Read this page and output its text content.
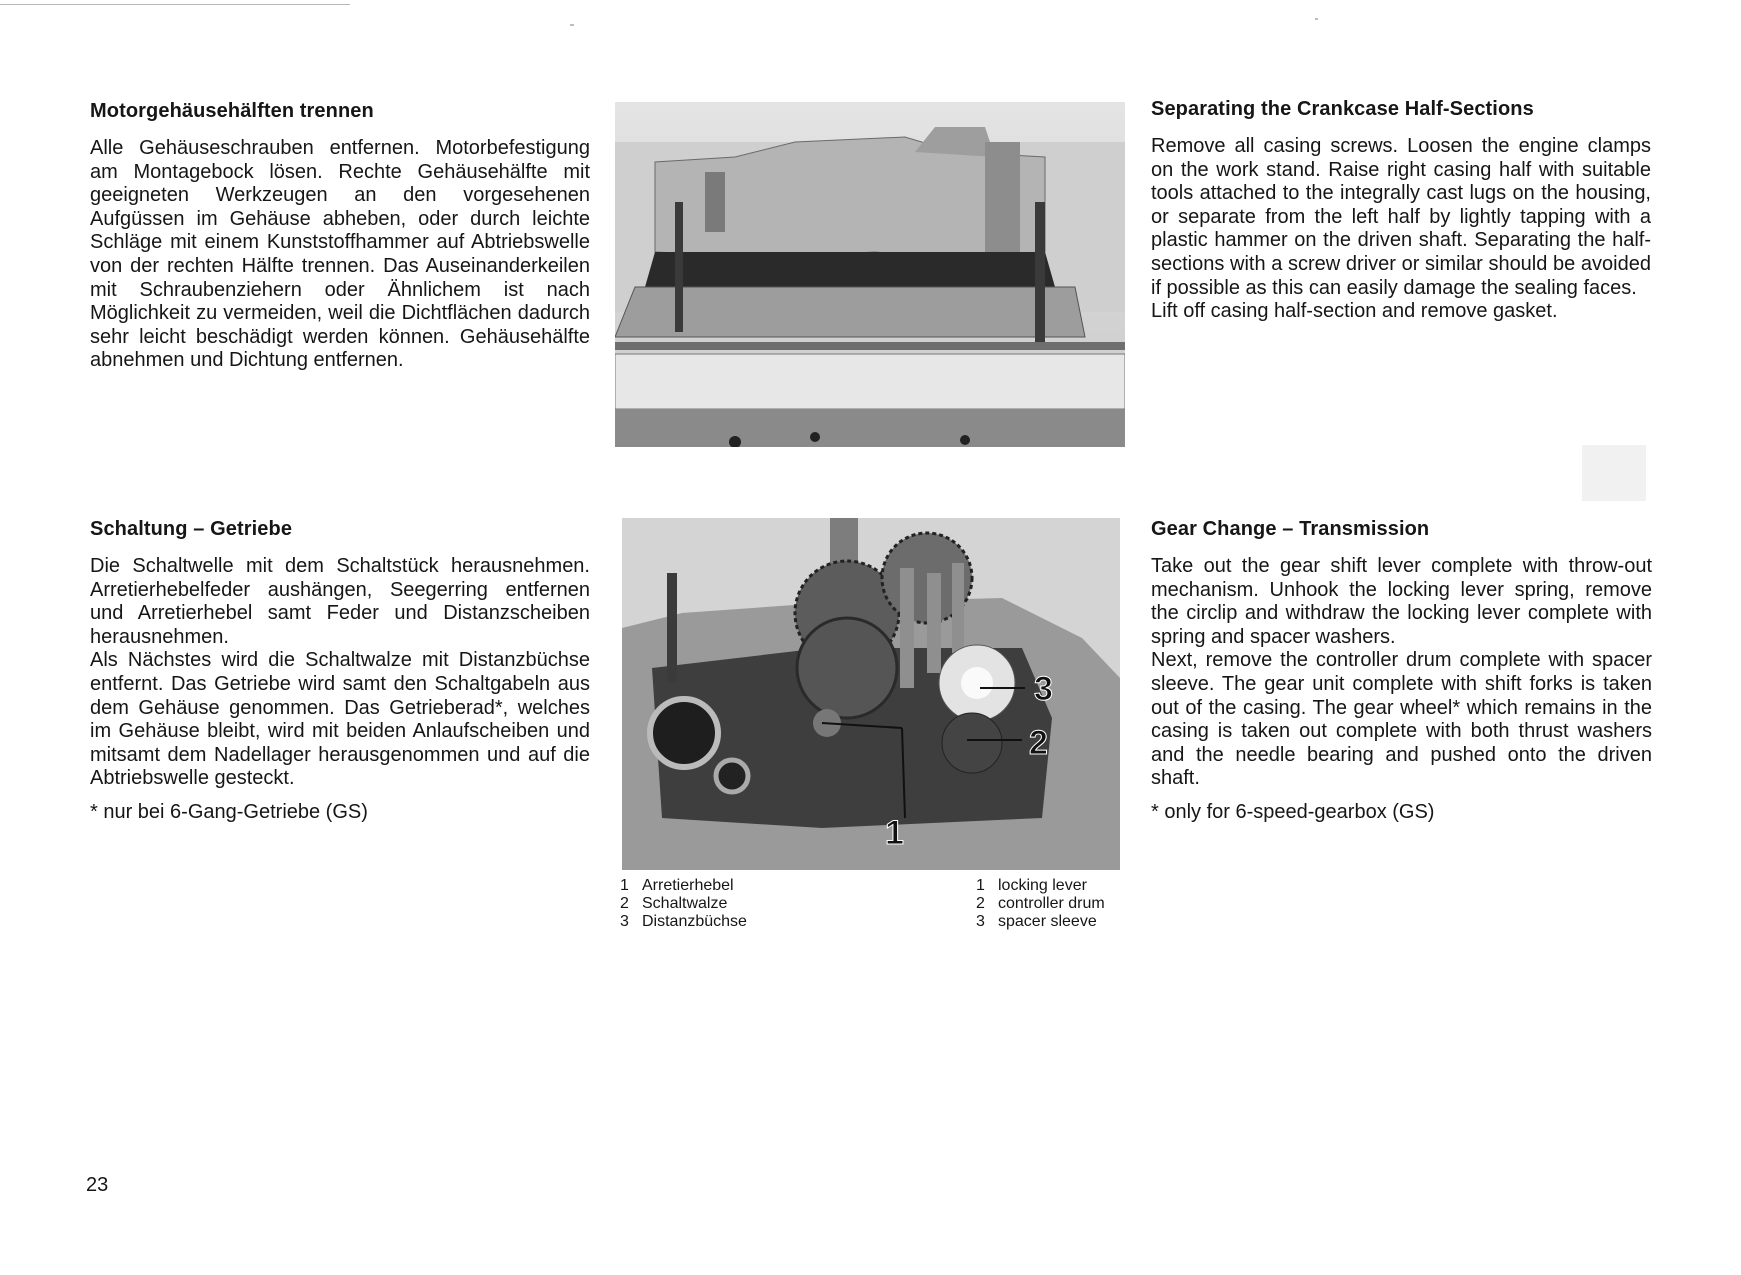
Motorgehäusehälften trennen

Alle Gehäuseschrauben entfernen. Motorbefestigung am Montagebock lösen. Rechte Gehäusehälfte mit geeigneten Werkzeugen an den vorgesehenen Aufgüssen im Gehäuse abheben, oder durch leichte Schläge mit einem Kunststoffhammer auf Abtriebswelle von der rechten Hälfte trennen. Das Auseinanderkeilen mit Schraubenziehern oder Ähnlichem ist nach Möglichkeit zu vermeiden, weil die Dichtflächen dadurch sehr leicht beschädigt werden können. Gehäusehälfte abnehmen und Dichtung entfernen.

Separating the Crankcase Half-Sections

Remove all casing screws. Loosen the engine clamps on the work stand. Raise right casing half with suitable tools attached to the integrally cast lugs on the housing, or separate from the left half by lightly tapping with a plastic hammer on the driven shaft. Separating the half-sections with a screw driver or similar should be avoided if possible as this can easily damage the sealing faces.

Lift off casing half-section and remove gasket.

Schaltung – Getriebe

Die Schaltwelle mit dem Schaltstück herausnehmen. Arretierhebelfeder aushängen, Seegerring entfernen und Arretierhebel samt Feder und Distanzscheiben herausnehmen.

Als Nächstes wird die Schaltwalze mit Distanzbüchse entfernt. Das Getriebe wird samt den Schaltgabeln aus dem Gehäuse genommen. Das Getrieberad*, welches im Gehäuse bleibt, wird mit beiden Anlaufscheiben und mitsamt dem Nadellager herausgenommen und auf die Abtriebswelle gesteckt.

* nur bei 6-Gang-Getriebe (GS)
3
2
1
1 Arretierhebel
2 Schaltwalze
3 Distanzbüchse
1 locking lever
2 controller drum
3 spacer sleeve
Gear Change – Transmission

Take out the gear shift lever complete with throw-out mechanism. Unhook the locking lever spring, remove the circlip and withdraw the locking lever complete with spring and spacer washers.

Next, remove the controller drum complete with spacer sleeve. The gear unit complete with shift forks is taken out of the casing. The gear wheel* which remains in the casing is taken out complete with both thrust washers and the needle bearing and pushed onto the driven shaft.

* only for 6-speed-gearbox (GS)
23
